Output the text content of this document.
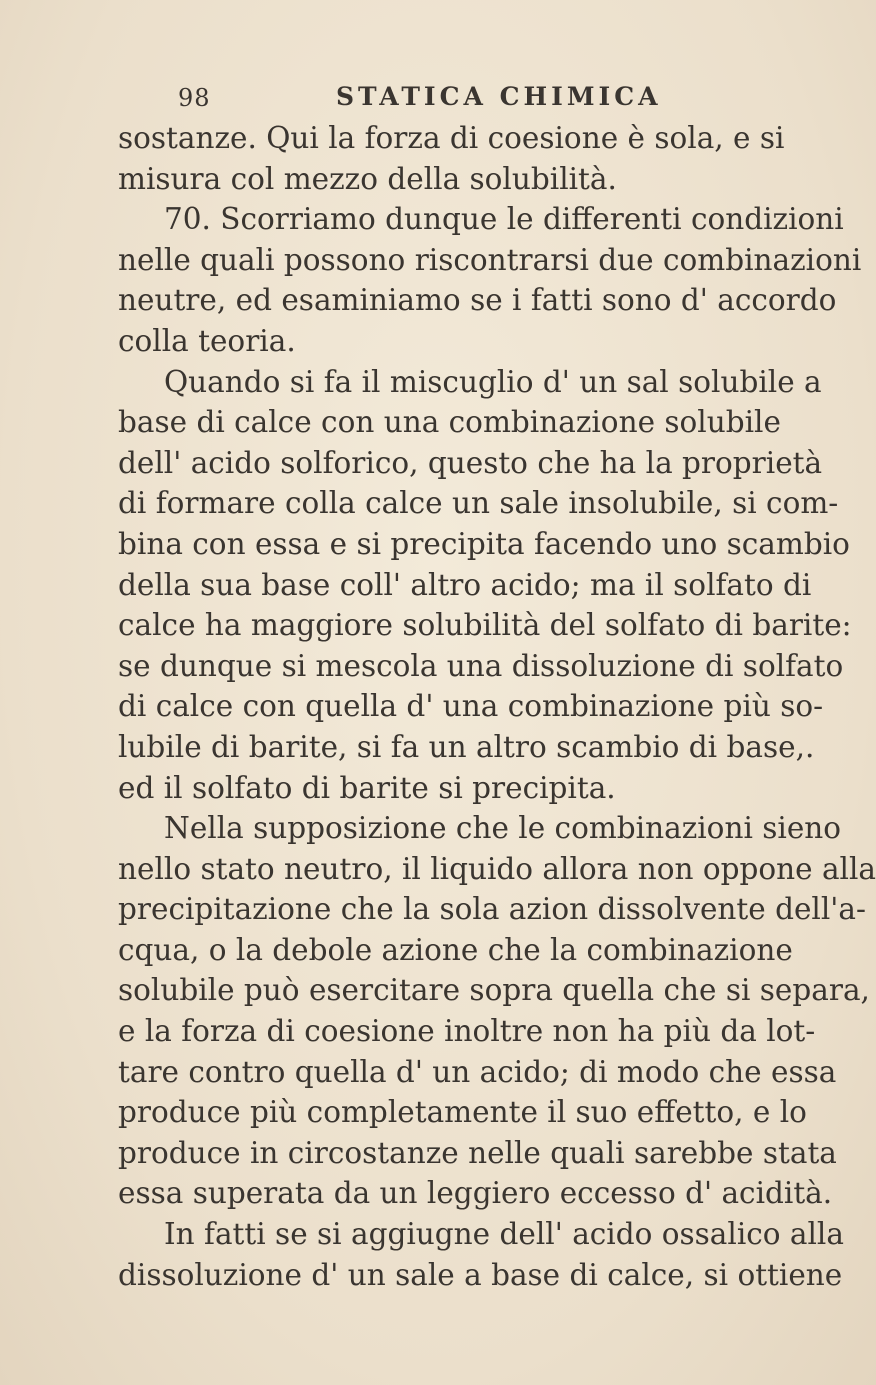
98	STATICA CHIMICA
sostanze. Qui la forza di coesione è sola, e si
misura col mezzo della solubilità.
70. Scorriamo dunque le differenti condizioni
nelle quali possono riscontrarsi due combinazioni
neutre, ed esaminiamo se i fatti sono d' accordo
colla teoria.
Quando si fa il miscuglio d' un sal solubile a
base di calce con una combinazione solubile
dell' acido solforico, questo che ha la proprietà
di formare colla calce un sale insolubile, si com-
bina con essa e si precipita facendo uno scambio
della sua base coll' altro acido; ma il solfato di
calce ha maggiore solubilità del solfato di barite:
se dunque si mescola una dissoluzione di solfato
di calce con quella d' una combinazione più so-
lubile di barite, si fa un altro scambio di base,.
ed il solfato di barite si precipita.
Nella supposizione che le combinazioni sieno
nello stato neutro, il liquido allora non oppone alla
precipitazione che la sola azion dissolvente dell'a-
cqua, o la debole azione che la combinazione
solubile può esercitare sopra quella che si separa,
e la forza di coesione inoltre non ha più da lot-
tare contro quella d' un acido; di modo che essa
produce più completamente il suo effetto, e lo
produce in circostanze nelle quali sarebbe stata
essa superata da un leggiero eccesso d' acidità.
In fatti se si aggiugne dell' acido ossalico alla
dissoluzione d' un sale a base di calce, si ottiene
